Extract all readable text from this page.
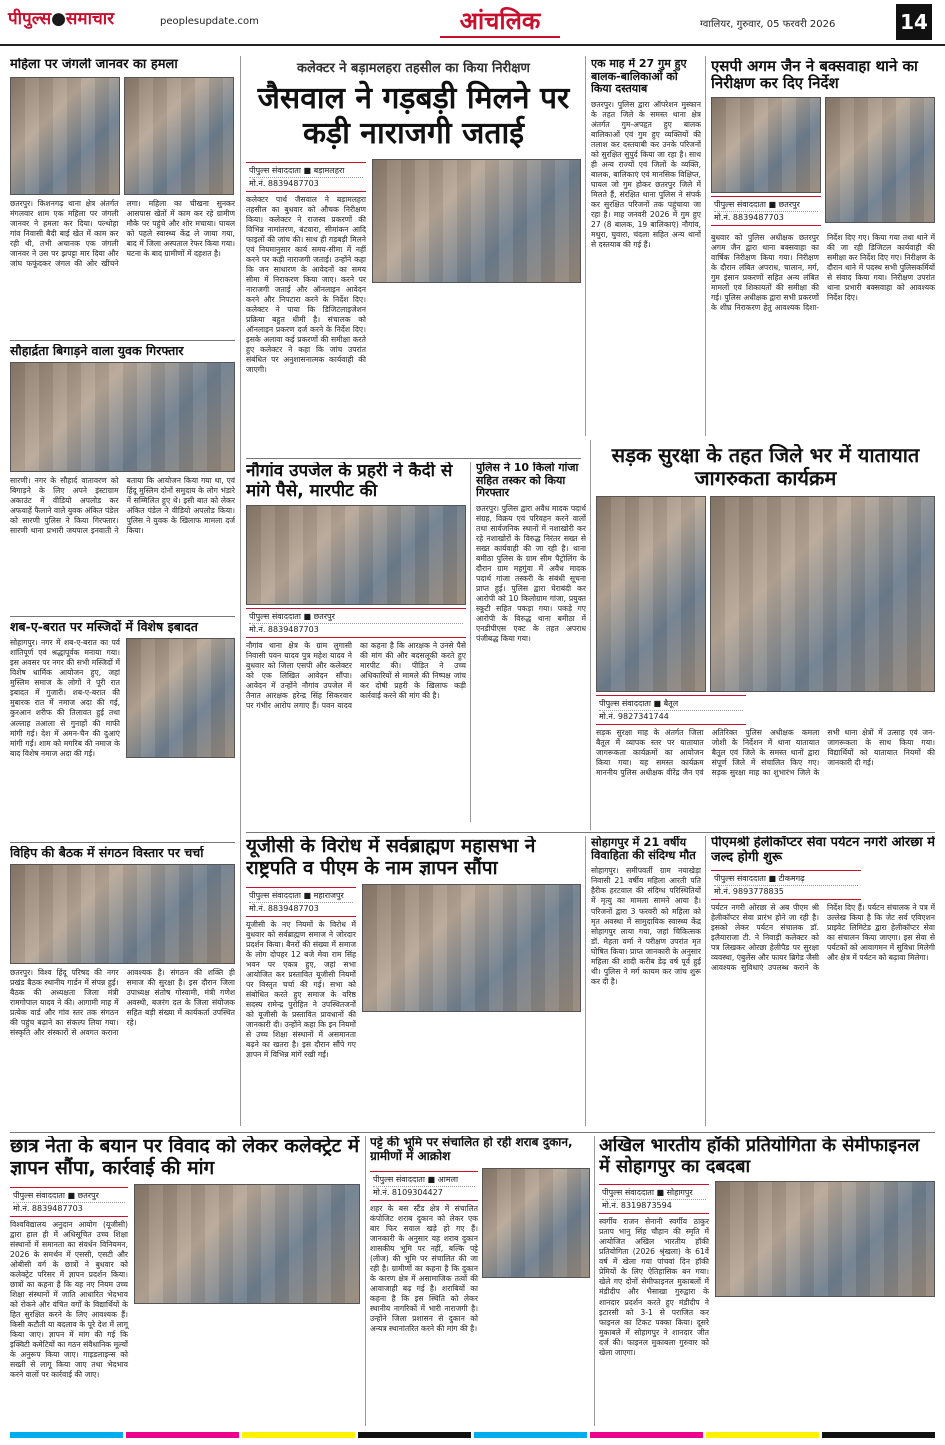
पीपुल्स●समाचार	peoplesupdate.com	आंचलिक	ग्वालियर, गुरुवार, 05 फरवरी 2026	14
महिला पर जंगली जानवर का हमला
छतरपुर। किशनगढ़ थाना क्षेत्र अंतर्गत मंगलवार शाम एक महिला पर जंगली जानवर ने हमला कर दिया। पल्थोहा गांव निवासी बैदी बाई खेत में काम कर रही थी, तभी अचानक एक जंगली जानवर ने उस पर झपट्टा मार दिया और जांघ फफूंदकर जंगल की ओर खींचने लगा। महिला का चीखना सुनकर आसपास खेतों में काम कर रहे ग्रामीण मौके पर पहुंचे और शोर मचाया। घायल को पहले स्वास्थ्य केंद्र ले जाया गया, बाद में जिला अस्पताल रेफर किया गया। घटना के बाद ग्रामीणों में दहशत है।
सौहार्द्रता बिगाड़ने वाला युवक गिरफ्तार
सारणी। नगर के सौहार्द वातावरण को बिगाड़ने के लिए अपने इंस्टाग्राम अकाउंट में वीडियो अपलोड कर अफवाहें फैलाने वाले युवक अंकित पंडेल को सारणी पुलिस ने किया गिरफ्तार। सारणी थाना प्रभारी जयपाल इनवाती ने बताया कि आयोजन किया गया था, एवं हिंदू मुस्लिम दोनों समुदाय के लोग भंडारे में सम्मिलित हुए थे। इसी बात को लेकर अंकित पंडेल ने वीडियो अपलोड किया। पुलिस ने युवक के खिलाफ मामला दर्ज किया।
शब-ए-बरात पर मस्जिदों में विशेष इबादत
सोहागपुर। नगर में शब-ए-बरात का पर्व शांतिपूर्ण एवं श्रद्धापूर्वक मनाया गया। इस अवसर पर नगर की सभी मस्जिदों में विशेष धार्मिक आयोजन हुए, जहां मुस्लिम समाज के लोगों ने पूरी रात इबादत में गुजारी। शब-ए-बरात की मुबारक रात में नमाज अदा की गई, कुरआन शरीफ की तिलावत हुई तथा अल्लाह तआला से गुनाहों की माफी मांगी गई। देश में अमन-चैन की दुआएं मांगी गईं। शाम को मगरिब की नमाज के बाद विशेष नमाज अदा की गई।
विहिप की बैठक में संगठन विस्तार पर चर्चा
छतरपुर। विश्व हिंदू परिषद की नगर प्रखंड बैठक स्थानीय गार्डन में संपन्न हुई। बैठक की अध्यक्षता जिला मंत्री रामगोपाल यादव ने की। आगामी माह में प्रत्येक वार्ड और गांव स्तर तक संगठन की पहुंच बढ़ाने का संकल्प लिया गया। संस्कृति और संस्कारों से अवगत कराना आवश्यक है। संगठन की शक्ति ही समाज की सुरक्षा है। इस दौरान जिला उपाध्यक्ष संतोष गोस्वामी, मंत्री गणेश अवस्थी, बजरंग दल के जिला संयोजक सहित बड़ी संख्या में कार्यकर्ता उपस्थित रहे।
कलेक्टर ने बड़ामलहरा तहसील का किया निरीक्षण
जैसवाल ने गड़बड़ी मिलने पर कड़ी नाराजगी जताई
पीपुल्स संवाददाता ■ बड़ामलहरा
मो.नं. 8839487703
कलेक्टर पार्थ जैसवाल ने बड़ामलहरा तहसील का बुधवार को औचक निरीक्षण किया। कलेक्टर ने राजस्व प्रकरणों की विभिन्न नामांतरण, बंटवारा, सीमांकन आदि फाइलों की जांच की। साथ ही गड़बड़ी मिलने एवं नियमानुसार कार्य समय-सीमा में नहीं करने पर कड़ी नाराजगी जताई। उन्होंने कहा कि जन साधारण के आवेदनों का समय सीमा में निराकरण किया जाए। करने पर नाराजगी जताई और ऑनलाइन आवेदन करने और निपटारा करने के निर्देश दिए। कलेक्टर ने पाया कि डिजिटलाइजेशन प्रक्रिया बहुत धीमी है। संचालक को ऑनलाइन प्रकरण दर्ज करने के निर्देश दिए। इसके अलावा कई प्रकरणों की समीक्षा करते हुए कलेक्टर ने कहा कि जांच उपरांत संबंधित पर अनुशासनात्मक कार्यवाही की जाएगी।
एक माह में 27 गुम हुए बालक-बालिकाओं को किया दस्तयाब
छतरपुर। पुलिस द्वारा ऑपरेशन मुस्कान के तहत जिले के समस्त थाना क्षेत्र अंतर्गत गुम-अपहृत हुए बालक बालिकाओं एवं गुम हुए व्यक्तियों की तलाश कर दस्तयाबी कर उनके परिजनों को सुरक्षित सुपुर्द किया जा रहा है। साथ ही अन्य राज्यों एवं जिलों के व्यक्ति, बालक, बालिकाएं एवं मानसिक विक्षिप्त, घायल जो गुम होकर छतरपुर जिले में मिलते हैं, संरक्षित थाना पुलिस ने संपर्क कर सुरक्षित परिजनों तक पहुंचाया जा रहा है। माह जनवरी 2026 में गुम हुए 27 (8 बालक, 19 बालिकाएं) नौगांव, मथुरा, घुवारा, चंदला सहित अन्य थानों से दस्तयाब की गई हैं।
एसपी अगम जैन ने बक्सवाहा थाने का निरीक्षण कर दिए निर्देश
पीपुल्स संवाददाता ■ छतरपुर
मो.नं. 8839487703
बुधवार को पुलिस अधीक्षक छतरपुर अगम जैन द्वारा थाना बक्सवाहा का वार्षिक निरीक्षण किया गया। निरीक्षण के दौरान लंबित अपराध, चालान, मर्ग, गुम इंसान प्रकरणों सहित अन्य लंबित मामलों एवं शिकायतों की समीक्षा की गई। पुलिस अधीक्षक द्वारा सभी प्रकरणों के शीघ्र निराकरण हेतु आवश्यक दिशा-निर्देश दिए गए। किया गया तथा थाने में की जा रही डिजिटल कार्यवाही की समीक्षा कर निर्देश दिए गए। निरीक्षण के दौरान थाने में पदस्थ सभी पुलिसकर्मियों से संवाद किया गया। निरीक्षण उपरांत थाना प्रभारी बक्सवाहा को आवश्यक निर्देश दिए।
नौगांव उपजेल के प्रहरी ने कैदी से मांगे पैसे, मारपीट की
पीपुल्स संवाददाता ■ छतरपुर
मो.नं. 8839487703
नौगांव थाना क्षेत्र के ग्राम लुगासी निवासी पवन यादव पुत्र महेश यादव ने बुधवार को जिला एसपी और कलेक्टर को एक लिखित आवेदन सौंपा। आवेदन में उन्होंने नौगांव उपजेल में तैनात आरक्षक हरेन्द्र सिंह सिकरवार पर गंभीर आरोप लगाए हैं। पवन यादव का कहना है कि आरक्षक ने उनसे पैसे की मांग की और बदसलूकी करते हुए मारपीट की। पीड़ित ने उच्च अधिकारियों से मामले की निष्पक्ष जांच कर दोषी प्रहरी के खिलाफ कड़ी कार्रवाई करने की मांग की है।
पुलिस ने 10 किलो गांजा सहित तस्कर को किया गिरफ्तार
छतरपुर। पुलिस द्वारा अवैध मादक पदार्थ संग्रह, विक्रय एवं परिवहन करने वालों तथा सार्वजनिक स्थानों में नशाखोरी कर रहे नशाखोरों के विरुद्ध निरंतर सख्त से सख्त कार्यवाही की जा रही है। थाना बमीठा पुलिस के ग्राम सीम पैट्रोलिंग के दौरान ग्राम महगुंवा में अवैध मादक पदार्थ गांजा तस्करी के संबंधी सूचना प्राप्त हुई। पुलिस द्वारा घेराबंदी कर आरोपी को 10 किलोग्राम गांजा, प्रयुक्त स्कूटी सहित पकड़ा गया। पकड़े गए आरोपी के विरुद्ध थाना बमीठा में एनडीपीएस एक्ट के तहत अपराध पंजीबद्ध किया गया।
सड़क सुरक्षा के तहत जिले भर में यातायात जागरुकता कार्यक्रम
पीपुल्स संवाददाता ■ बैतूल
मो.नं. 9827341744
सड़क सुरक्षा माह के अंतर्गत जिला बैतूल में व्यापक स्तर पर यातायात जागरूकता कार्यक्रमों का आयोजन किया गया। यह समस्त कार्यक्रम माननीय पुलिस अधीक्षक वीरेंद्र जैन एवं अतिरिक्त पुलिस अधीक्षक कमला जोशी के निर्देशन में थाना यातायात बैतूल एवं जिले के समस्त थानों द्वारा संपूर्ण जिले में संचालित किए गए। सड़क सुरक्षा माह का शुभारंभ जिले के सभी थाना क्षेत्रों में उत्साह एवं जन-जागरूकता के साथ किया गया। विद्यार्थियों को यातायात नियमों की जानकारी दी गई।
यूजीसी के विरोध में सर्वब्राह्मण महासभा ने राष्ट्रपति व पीएम के नाम ज्ञापन सौंपा
पीपुल्स संवाददाता ■ महाराजपुर
मो.नं. 8839487703
यूजीसी के नए नियमों के विरोध में बुधवार को सर्वब्राह्मण समाज ने जोरदार प्रदर्शन किया। बैनरों की संख्या में समाज के लोग दोपहर 12 बजे मेवा राम सिंह भवन पर एकत्र हुए, जहां सभा आयोजित कर प्रस्तावित यूजीसी नियमों पर विस्तृत चर्चा की गई। सभा को संबोधित करते हुए समाज के वरिष्ठ सदस्य रामेन्द्र पुरोहित ने उपस्थितजनों को यूजीसी के प्रस्तावित प्रावधानों की जानकारी दी। उन्होंने कहा कि इन नियमों से उच्च शिक्षा संस्थानों में असमानता बढ़ने का खतरा है। इस दौरान सौंपे गए ज्ञापन में विभिन्न मांगें रखी गईं।
सोहागपुर में 21 वर्षीय विवाहिता की संदिग्ध मौत
सोहागपुर। समीपवर्ती ग्राम नयाखेड़ा निवासी 21 वर्षीय महिला आरती पति हैरीक हरटवाल की संदिग्ध परिस्थितियों में मृत्यु का मामला सामने आया है। परिजनों द्वारा 3 फरवरी को महिला को मृत अवस्था में सामुदायिक स्वास्थ्य केंद्र सोहागपुर लाया गया, जहां चिकित्सक डॉ. मेहता वर्मा ने परीक्षण उपरांत मृत घोषित किया। प्राप्त जानकारी के अनुसार महिला की शादी करीब डेढ़ वर्ष पूर्व हुई थी। पुलिस ने मर्ग कायम कर जांच शुरू कर दी है।
पीएमश्री हेलीकॉप्टर सेवा पर्यटन नगरी ओरछा में जल्द होगी शुरू
पीपुल्स संवाददाता ■ टीकमगढ़
मो.नं. 9893778835
पर्यटन नगरी ओरछा से अब पीएम श्री हेलीकॉप्टर सेवा प्रारंभ होने जा रही है। इसको लेकर पर्यटन संचालक डॉ. इलैयाराजा टी. ने निवाड़ी कलेक्टर को पत्र लिखकर ओरछा हेलीपैड पर सुरक्षा व्यवस्था, एंबुलेंस और फायर ब्रिगेड जैसी आवश्यक सुविधाएं उपलब्ध कराने के निर्देश दिए हैं। पर्यटन संचालक ने पत्र में उल्लेख किया है कि जेट सर्व एविएशन प्राइवेट लिमिटेड द्वारा हेलीकॉप्टर सेवा का संचालन किया जाएगा। इस सेवा से पर्यटकों को आवागमन में सुविधा मिलेगी और क्षेत्र में पर्यटन को बढ़ावा मिलेगा।
छात्र नेता के बयान पर विवाद को लेकर कलेक्ट्रेट में ज्ञापन सौंपा, कार्रवाई की मांग
पीपुल्स संवाददाता ■ छतरपुर
मो.नं. 8839487703
विश्वविद्यालय अनुदान आयोग (यूजीसी) द्वारा हाल ही में अधिसूचित उच्च शिक्षा संस्थानों में समानता का संवर्धन विनियमन, 2026 के समर्थन में एससी, एसटी और ओबीसी वर्ग के छात्रों ने बुधवार को कलेक्ट्रेट परिसर में ज्ञापन प्रदर्शन किया। छात्रों का कहना है कि यह नए नियम उच्च शिक्षा संस्थानों में जाति आधारित भेदभाव को रोकने और वंचित वर्गों के विद्यार्थियों के हित सुरक्षित करने के लिए आवश्यक हैं। किसी कटौती या बदलाव के पूरे देश में लागू किया जाए। ज्ञापन में मांग की गई कि इक्विटी कमेटियों का गठन संवैधानिक मूल्यों के अनुरूप किया जाए। गाइडलाइन्स को सख्ती से लागू किया जाए तथा भेदभाव करने वालों पर कार्रवाई की जाए।
पट्टे की भूमि पर संचालित हो रही शराब दुकान, ग्रामीणों में आक्रोश
पीपुल्स संवाददाता ■ आमला
मो.नं. 8109304427
शहर के बस स्टैंड क्षेत्र में संचालित कंपोजिट शराब दुकान को लेकर एक बार फिर सवाल खड़े हो गए हैं। जानकारी के अनुसार यह शराब दुकान शासकीय भूमि पर नहीं, बल्कि पट्टे (लीज) की भूमि पर संचालित की जा रही है। ग्रामीणों का कहना है कि दुकान के कारण क्षेत्र में असामाजिक तत्वों की आवाजाही बढ़ गई है। शराबियों का कहना है कि इस स्थिति को लेकर स्थानीय नागरिकों में भारी नाराजगी है। उन्होंने जिला प्रशासन से दुकान को अन्यत्र स्थानांतरित करने की मांग की है।
अखिल भारतीय हॉकी प्रतियोगिता के सेमीफाइनल में सोहागपुर का दबदबा
पीपुल्स संवाददाता ■ सोहागपुर
मो.नं. 8319873594
स्वर्गीय राजन सेनानी स्वर्गीय ठाकुर प्रताप भानु सिंह चौहान की स्मृति में आयोजित अखिल भारतीय हॉकी प्रतियोगिता (2026 श्रृंखला) के 61वें वर्ष में खेला गया पांचवां दिन हॉकी प्रेमियों के लिए ऐतिहासिक बन गया। खेले गए दोनों सेमीफाइनल मुकाबलों में मंडीदीप और भैसाखा गुरुद्वारा के शानदार प्रदर्शन करते हुए मंडीदीप ने इटारसी को 3-1 से पराजित कर फाइनल का टिकट पक्का किया। दूसरे मुकाबले में सोहागपुर ने शानदार जीत दर्ज की। फाइनल मुकाबला गुरुवार को खेला जाएगा।
